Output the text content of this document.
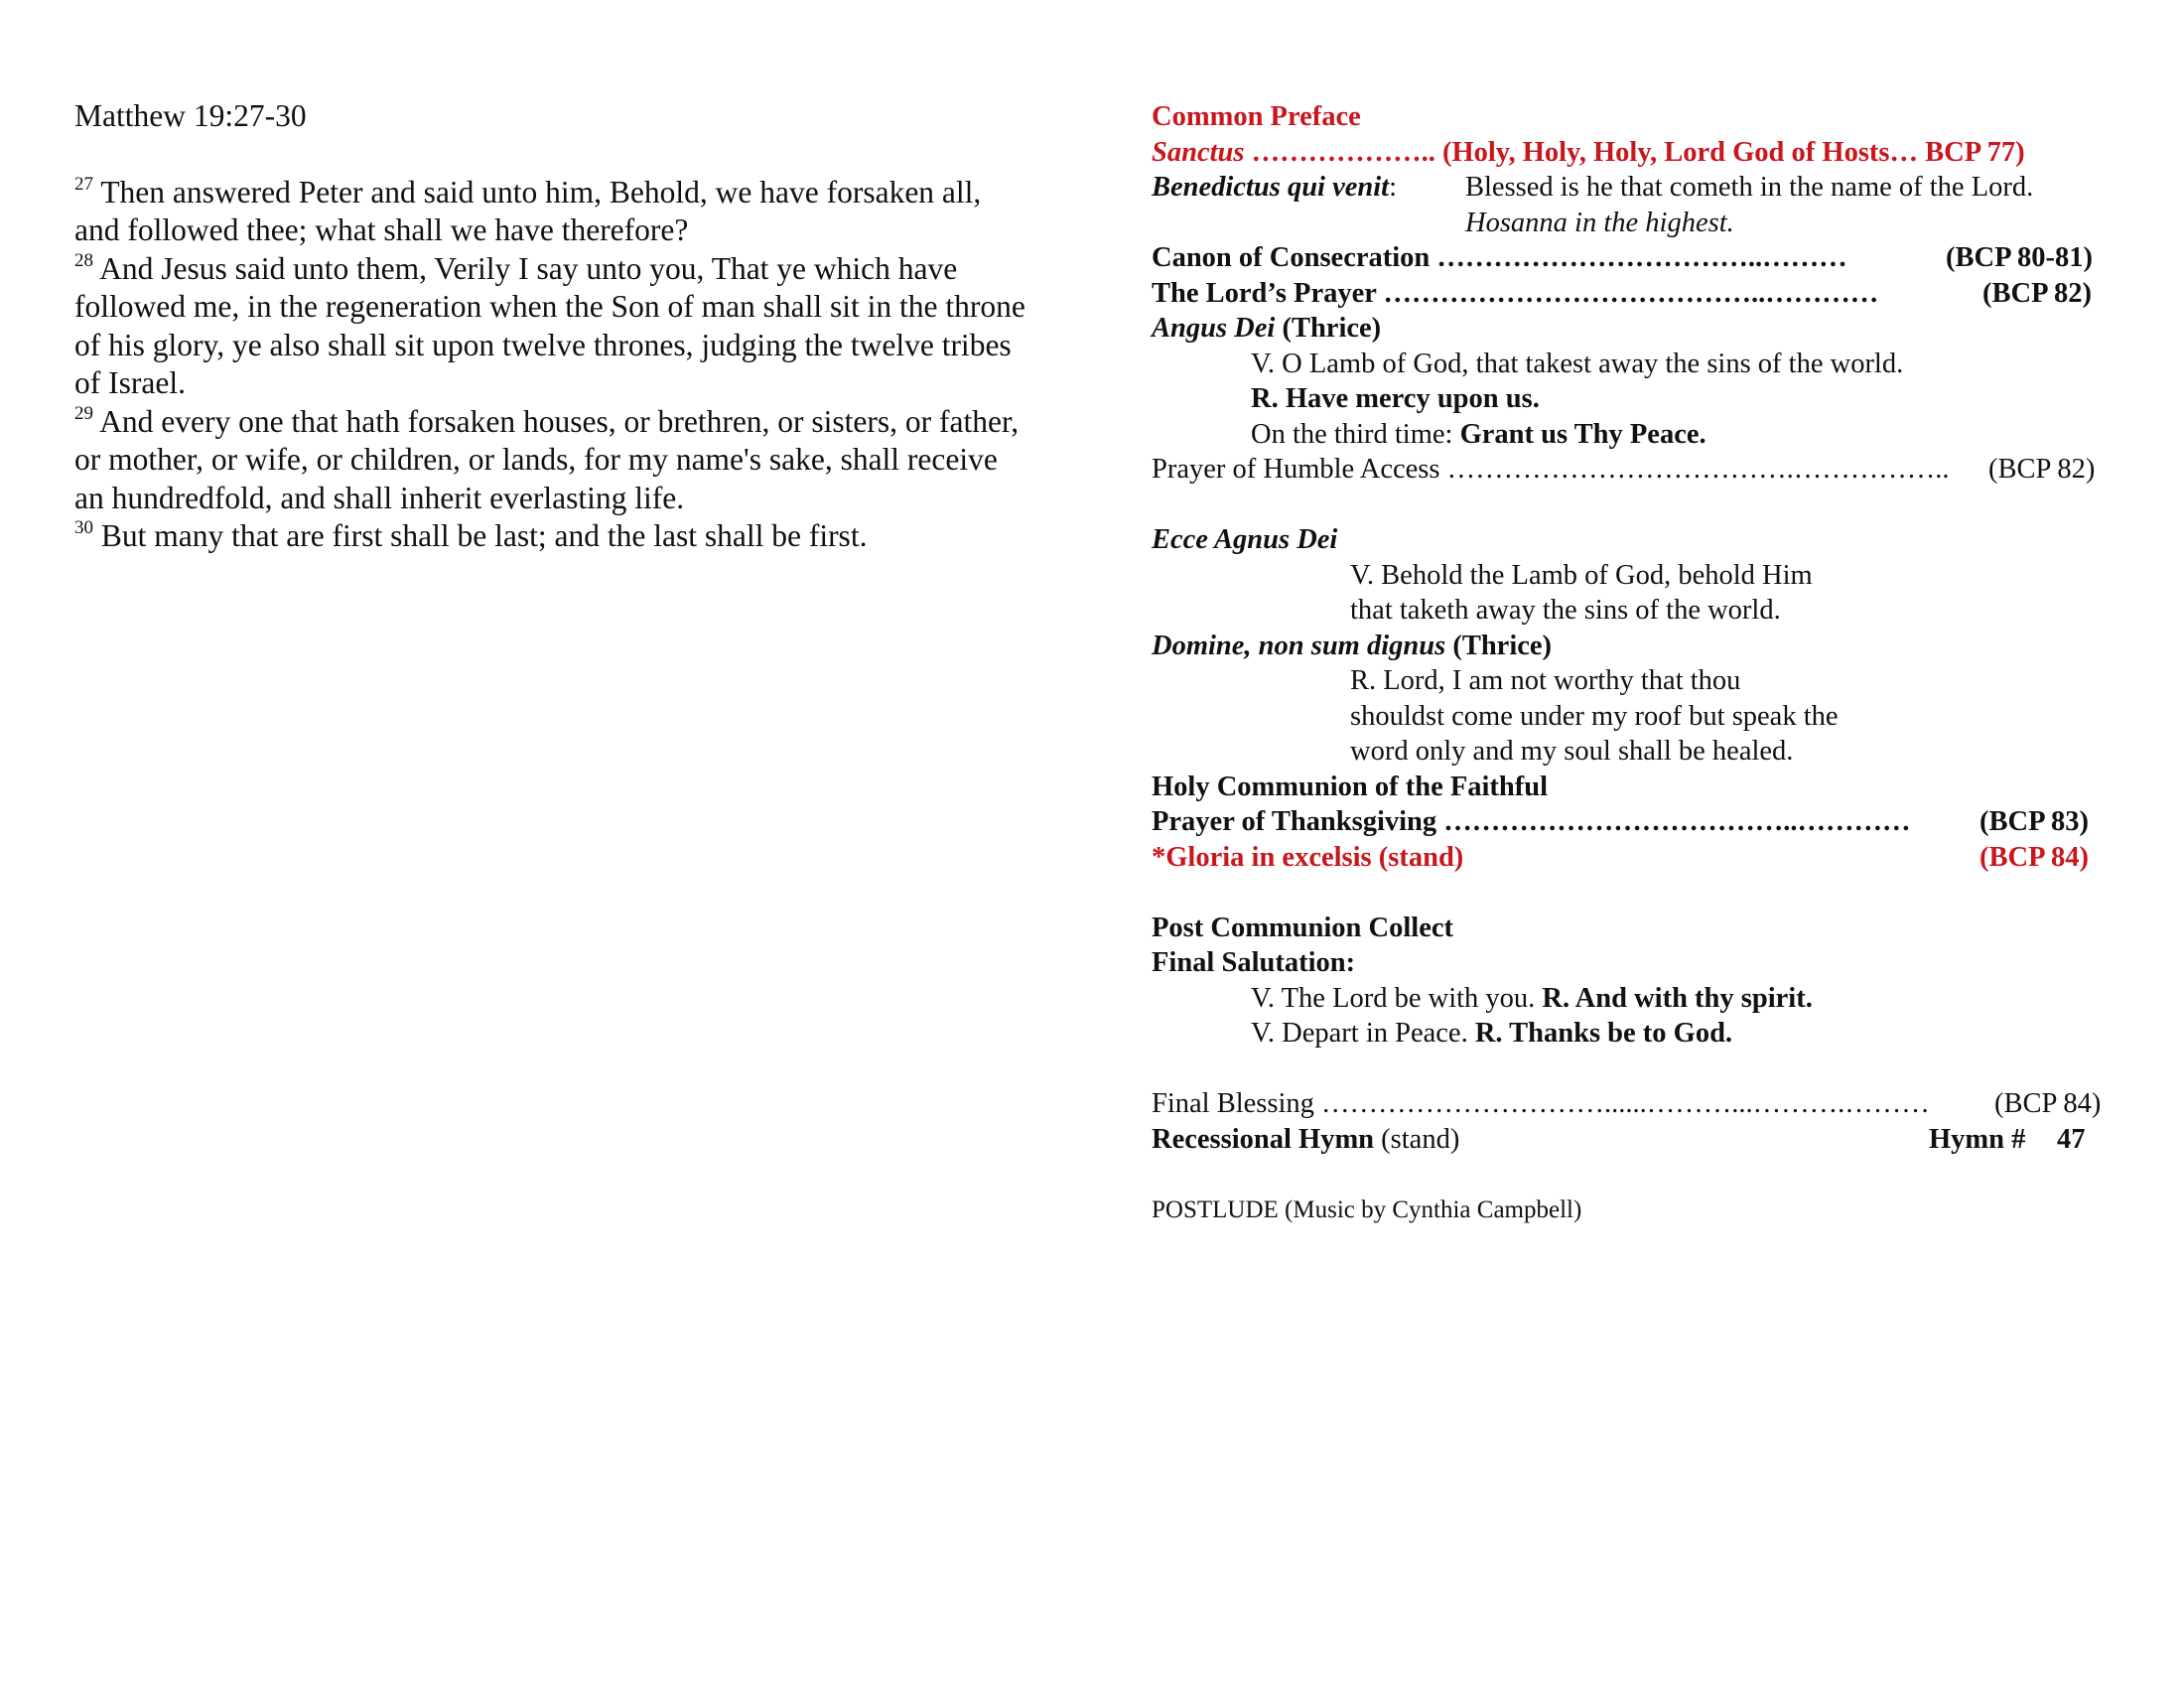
Matthew 19:27-30

$^{27}$ Then answered Peter and said unto him, Behold, we have forsaken all, and followed thee; what shall we have therefore?

$^{28}$ And Jesus said unto them, Verily I say unto you, That ye which have followed me, in the regeneration when the Son of man shall sit in the throne of his glory, ye also shall sit upon twelve thrones, judging the twelve tribes of Israel.

$^{29}$ And every one that hath forsaken houses, or brethren, or sisters, or father, or mother, or wife, or children, or lands, for my name's sake, shall receive an hundredfold, and shall inherit everlasting life.

$^{30}$ But many that are first shall be last; and the last shall be first.

Common Preface
Sanctus ……………….. (Holy, Holy, Holy, Lord God of Hosts… BCP 77)
Benedictus qui venit: Blessed is he that cometh in the name of the Lord.
Hosanna in the highest.
Canon of Consecration ……………………………..………	(BCP 80-81)
The Lord’s Prayer …………………………………..…………	(BCP 82)
Angus Dei (Thrice)
V. O Lamb of God, that takest away the sins of the world.
R. Have mercy upon us.
On the third time: Grant us Thy Peace.
Prayer of Humble Access ……………………………….…………….. (BCP 82)
Ecce Agnus Dei
V. Behold the Lamb of God, behold Him
that taketh away the sins of the world.
Domine, non sum dignus (Thrice)
R. Lord, I am not worthy that thou
shouldst come under my roof but speak the
word only and my soul shall be healed.
Holy Communion of the Faithful
Prayer of Thanksgiving ………………………………..………… (BCP 83)
*Gloria in excelsis (stand)	(BCP 84)
Post Communion Collect
Final Salutation:
V. The Lord be with you. R. And with thy spirit.
V. Depart in Peace. R. Thanks be to God.
Final Blessing …………………………......………...……….……… (BCP 84)
Recessional Hymn (stand)	Hymn # 47
POSTLUDE (Music by Cynthia Campbell)
